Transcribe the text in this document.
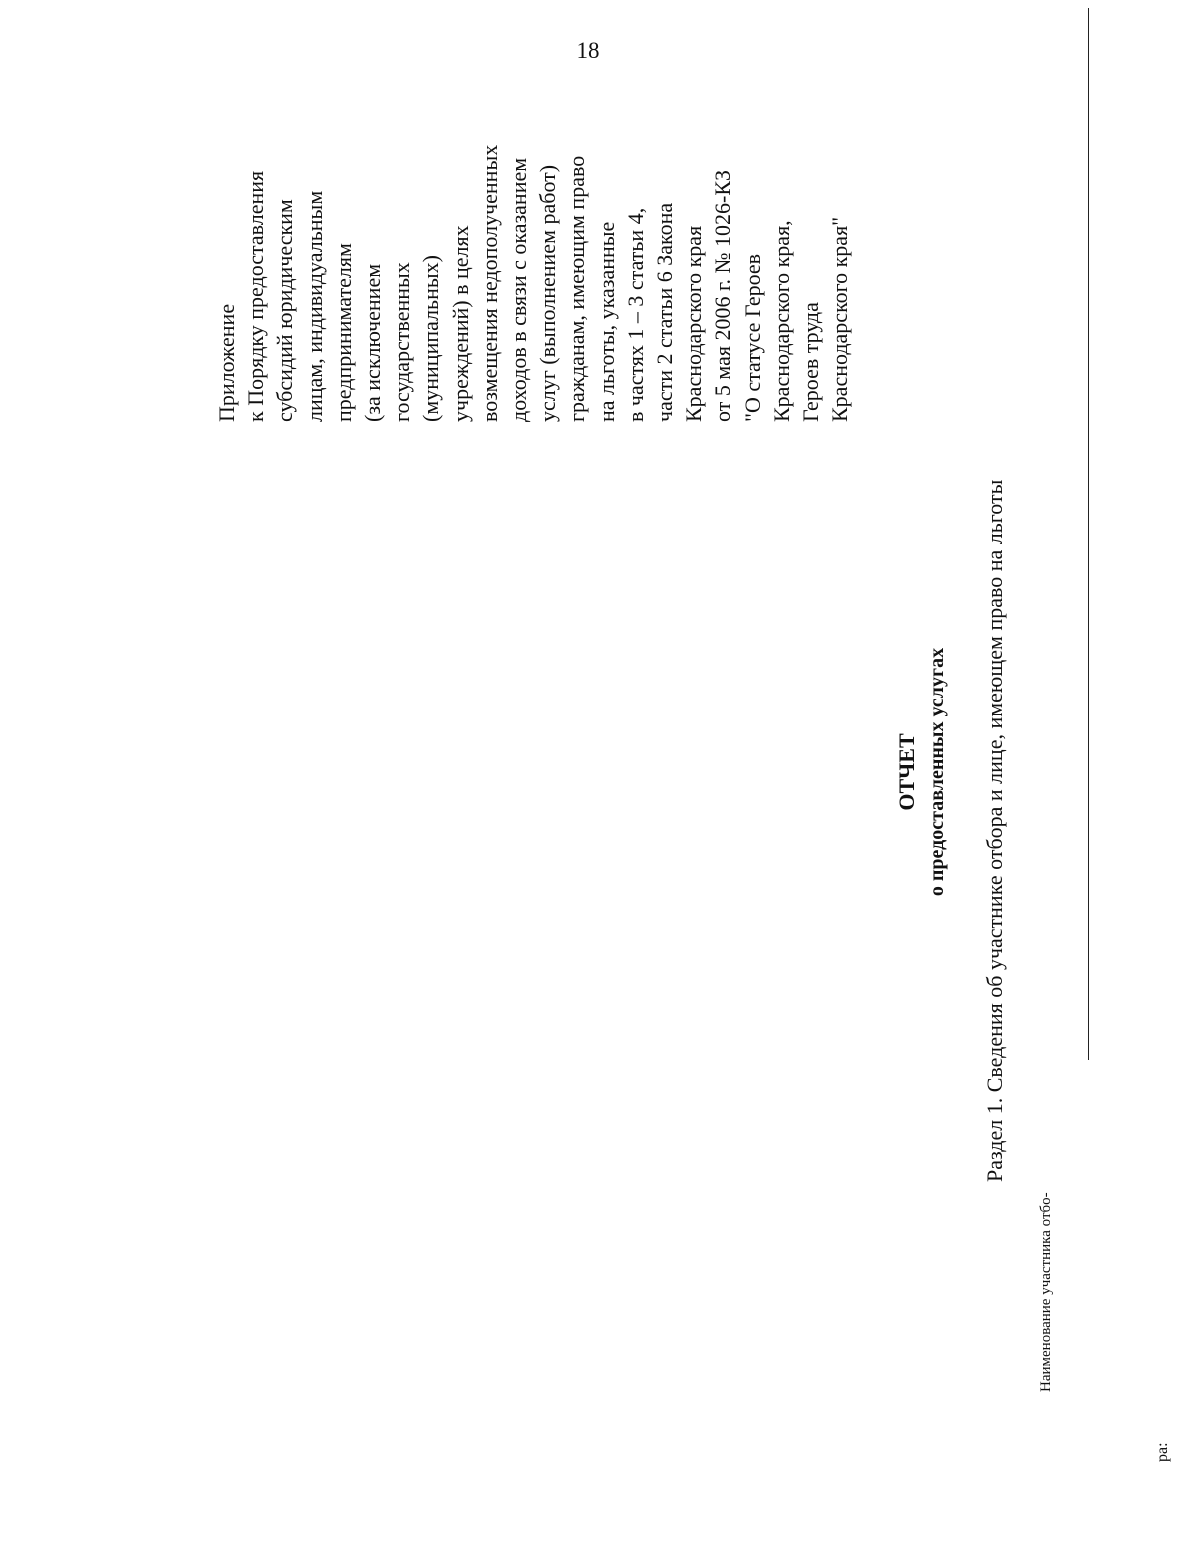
18
Приложение к Порядку предоставления субсидий юридическим лицам, индивидуальным предпринимателям (за исключением государственных (муниципальных) учреждений) в целях возмещения недополученных доходов в связи с оказанием услуг (выполнением работ) гражданам, имеющим право на льготы, указанные в частях 1 – 3 статьи 4, части 2 статьи 6 Закона Краснодарского края от 5 мая 2006 г. № 1026-КЗ "О статусе Героев Краснодарского края, Героев труда Краснодарского края"
ОТЧЕТ о предоставленных услугах Раздел 1. Сведения об участнике отбора и лице, имеющем право на льготы
Наименование участника отбо-
ра:
